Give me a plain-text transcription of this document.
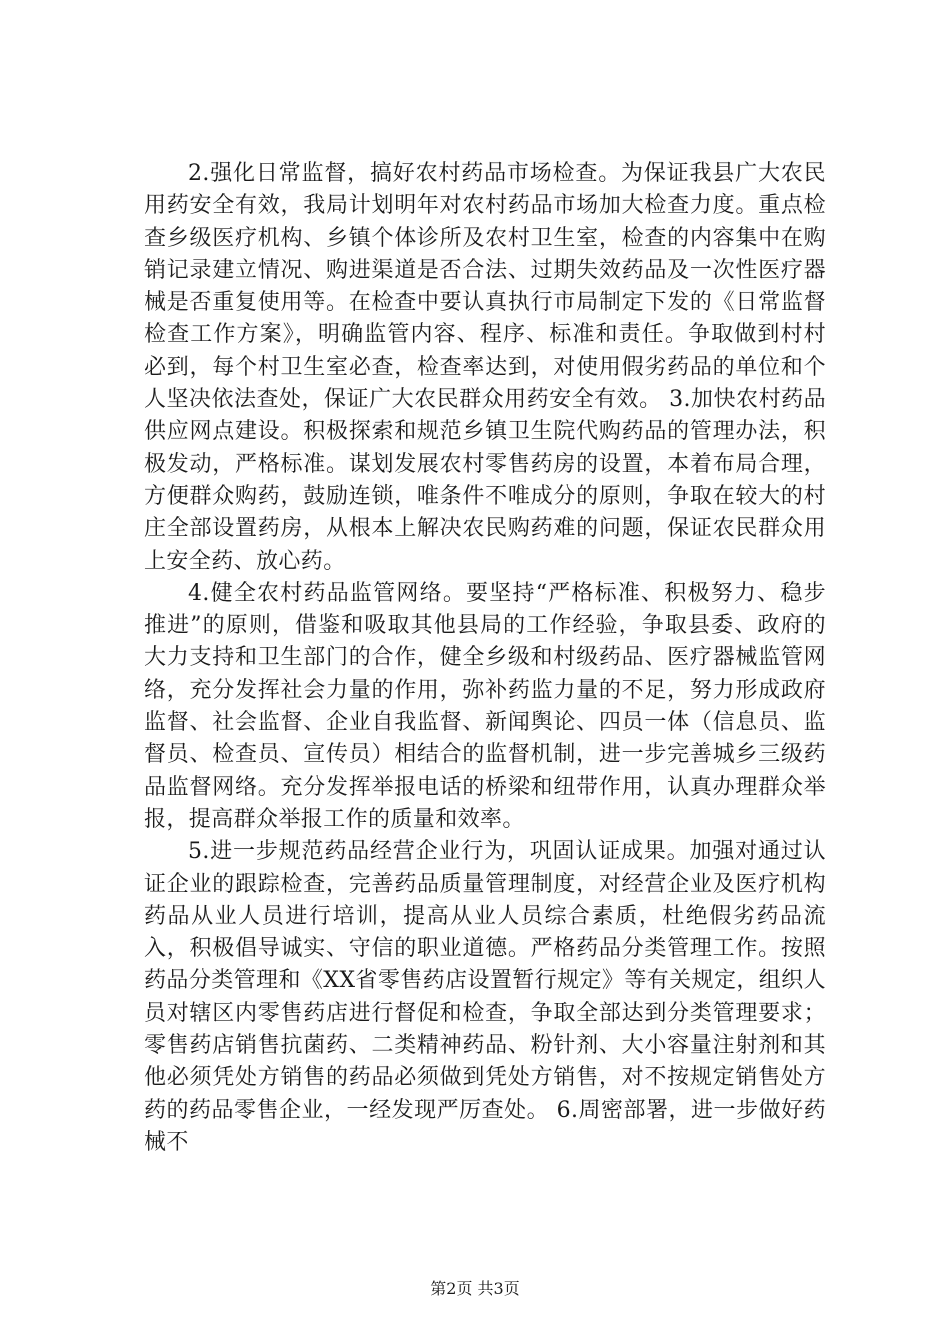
2.强化日常监督，搞好农村药品市场检查。为保证我县广大农民用药安全有效，我局计划明年对农村药品市场加大检查力度。重点检查乡级医疗机构、乡镇个体诊所及农村卫生室，检查的内容集中在购销记录建立情况、购进渠道是否合法、过期失效药品及一次性医疗器械是否重复使用等。在检查中要认真执行市局制定下发的《日常监督检查工作方案》，明确监管内容、程序、标准和责任。争取做到村村必到，每个村卫生室必查，检查率达到，对使用假劣药品的单位和个人坚决依法查处，保证广大农民群众用药安全有效。 3.加快农村药品供应网点建设。积极探索和规范乡镇卫生院代购药品的管理办法，积极发动，严格标准。谋划发展农村零售药房的设置，本着布局合理，方便群众购药，鼓励连锁，唯条件不唯成分的原则，争取在较大的村庄全部设置药房，从根本上解决农民购药难的问题，保证农民群众用上安全药、放心药。

4.健全农村药品监管网络。要坚持“严格标准、积极努力、稳步推进”的原则，借鉴和吸取其他县局的工作经验，争取县委、政府的大力支持和卫生部门的合作，健全乡级和村级药品、医疗器械监管网络，充分发挥社会力量的作用，弥补药监力量的不足，努力形成政府监督、社会监督、企业自我监督、新闻舆论、四员一体（信息员、监督员、检查员、宣传员）相结合的监督机制，进一步完善城乡三级药品监督网络。充分发挥举报电话的桥梁和纽带作用，认真办理群众举报，提高群众举报工作的质量和效率。

5.进一步规范药品经营企业行为，巩固认证成果。加强对通过认证企业的跟踪检查，完善药品质量管理制度，对经营企业及医疗机构药品从业人员进行培训，提高从业人员综合素质，杜绝假劣药品流入，积极倡导诚实、守信的职业道德。严格药品分类管理工作。按照药品分类管理和《XX省零售药店设置暂行规定》等有关规定，组织人员对辖区内零售药店进行督促和检查，争取全部达到分类管理要求；零售药店销售抗菌药、二类精神药品、粉针剂、大小容量注射剂和其他必须凭处方销售的药品必须做到凭处方销售，对不按规定销售处方药的药品零售企业，一经发现严厉查处。 6.周密部署，进一步做好药械不

第2页 共3页
